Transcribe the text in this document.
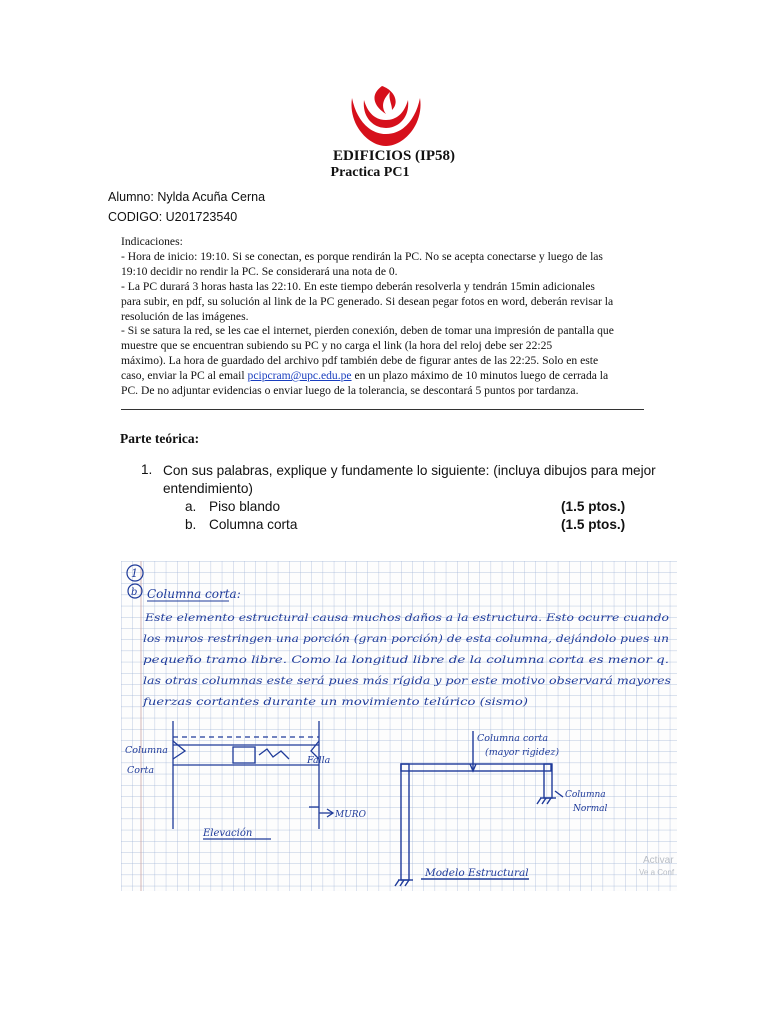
EDIFICIOS (IP58)
Practica PC1
Alumno: Nylda Acuña Cerna
CODIGO: U201723540
Indicaciones:
- Hora de inicio: 19:10. Si se conectan, es porque rendirán la PC. No se acepta conectarse y luego de las
19:10 decidir no rendir la PC. Se considerará una nota de 0.
- La PC durará 3 horas hasta las 22:10. En este tiempo deberán resolverla y tendrán 15min adicionales
para subir, en pdf, su solución al link de la PC generado. Si desean pegar fotos en word, deberán revisar la
resolución de las imágenes.
- Si se satura la red, se les cae el internet, pierden conexión, deben de tomar una impresión de pantalla que
muestre que se encuentran subiendo su PC y no carga el link (la hora del reloj debe ser 22:25
máximo). La hora de guardado del archivo pdf también debe de figurar antes de las 22:25. Solo en este
caso, enviar la PC al email pcipcram@upc.edu.pe en un plazo máximo de 10 minutos luego de cerrada la
PC. De no adjuntar evidencias o enviar luego de la tolerancia, se descontará 5 puntos por tardanza.
Parte teórica:
1. Con sus palabras, explique y fundamente lo siguiente: (incluya dibujos para mejor entendimiento)
a. Piso blando	(1.5 ptos.)
b. Columna corta	(1.5 ptos.)
1
b Columna corta:
Este elemento estructural causa muchos daños a la estructura. Esto ocurre cuando
los muros restringen una porción (gran porción) de esta columna, dejándolo pues un
pequeño tramo libre. Como la longitud libre de la columna corta es menor q.
las otras columnas este será pues más rígida y por este motivo observará mayores
fuerzas cortantes durante un movimiento telúrico (sismo)
Columna
Corta
Falla
MURO
Elevación
Columna corta
(mayor rigidez)
Columna
Normal
Modelo Estructural
Activar
Ve a Conf
